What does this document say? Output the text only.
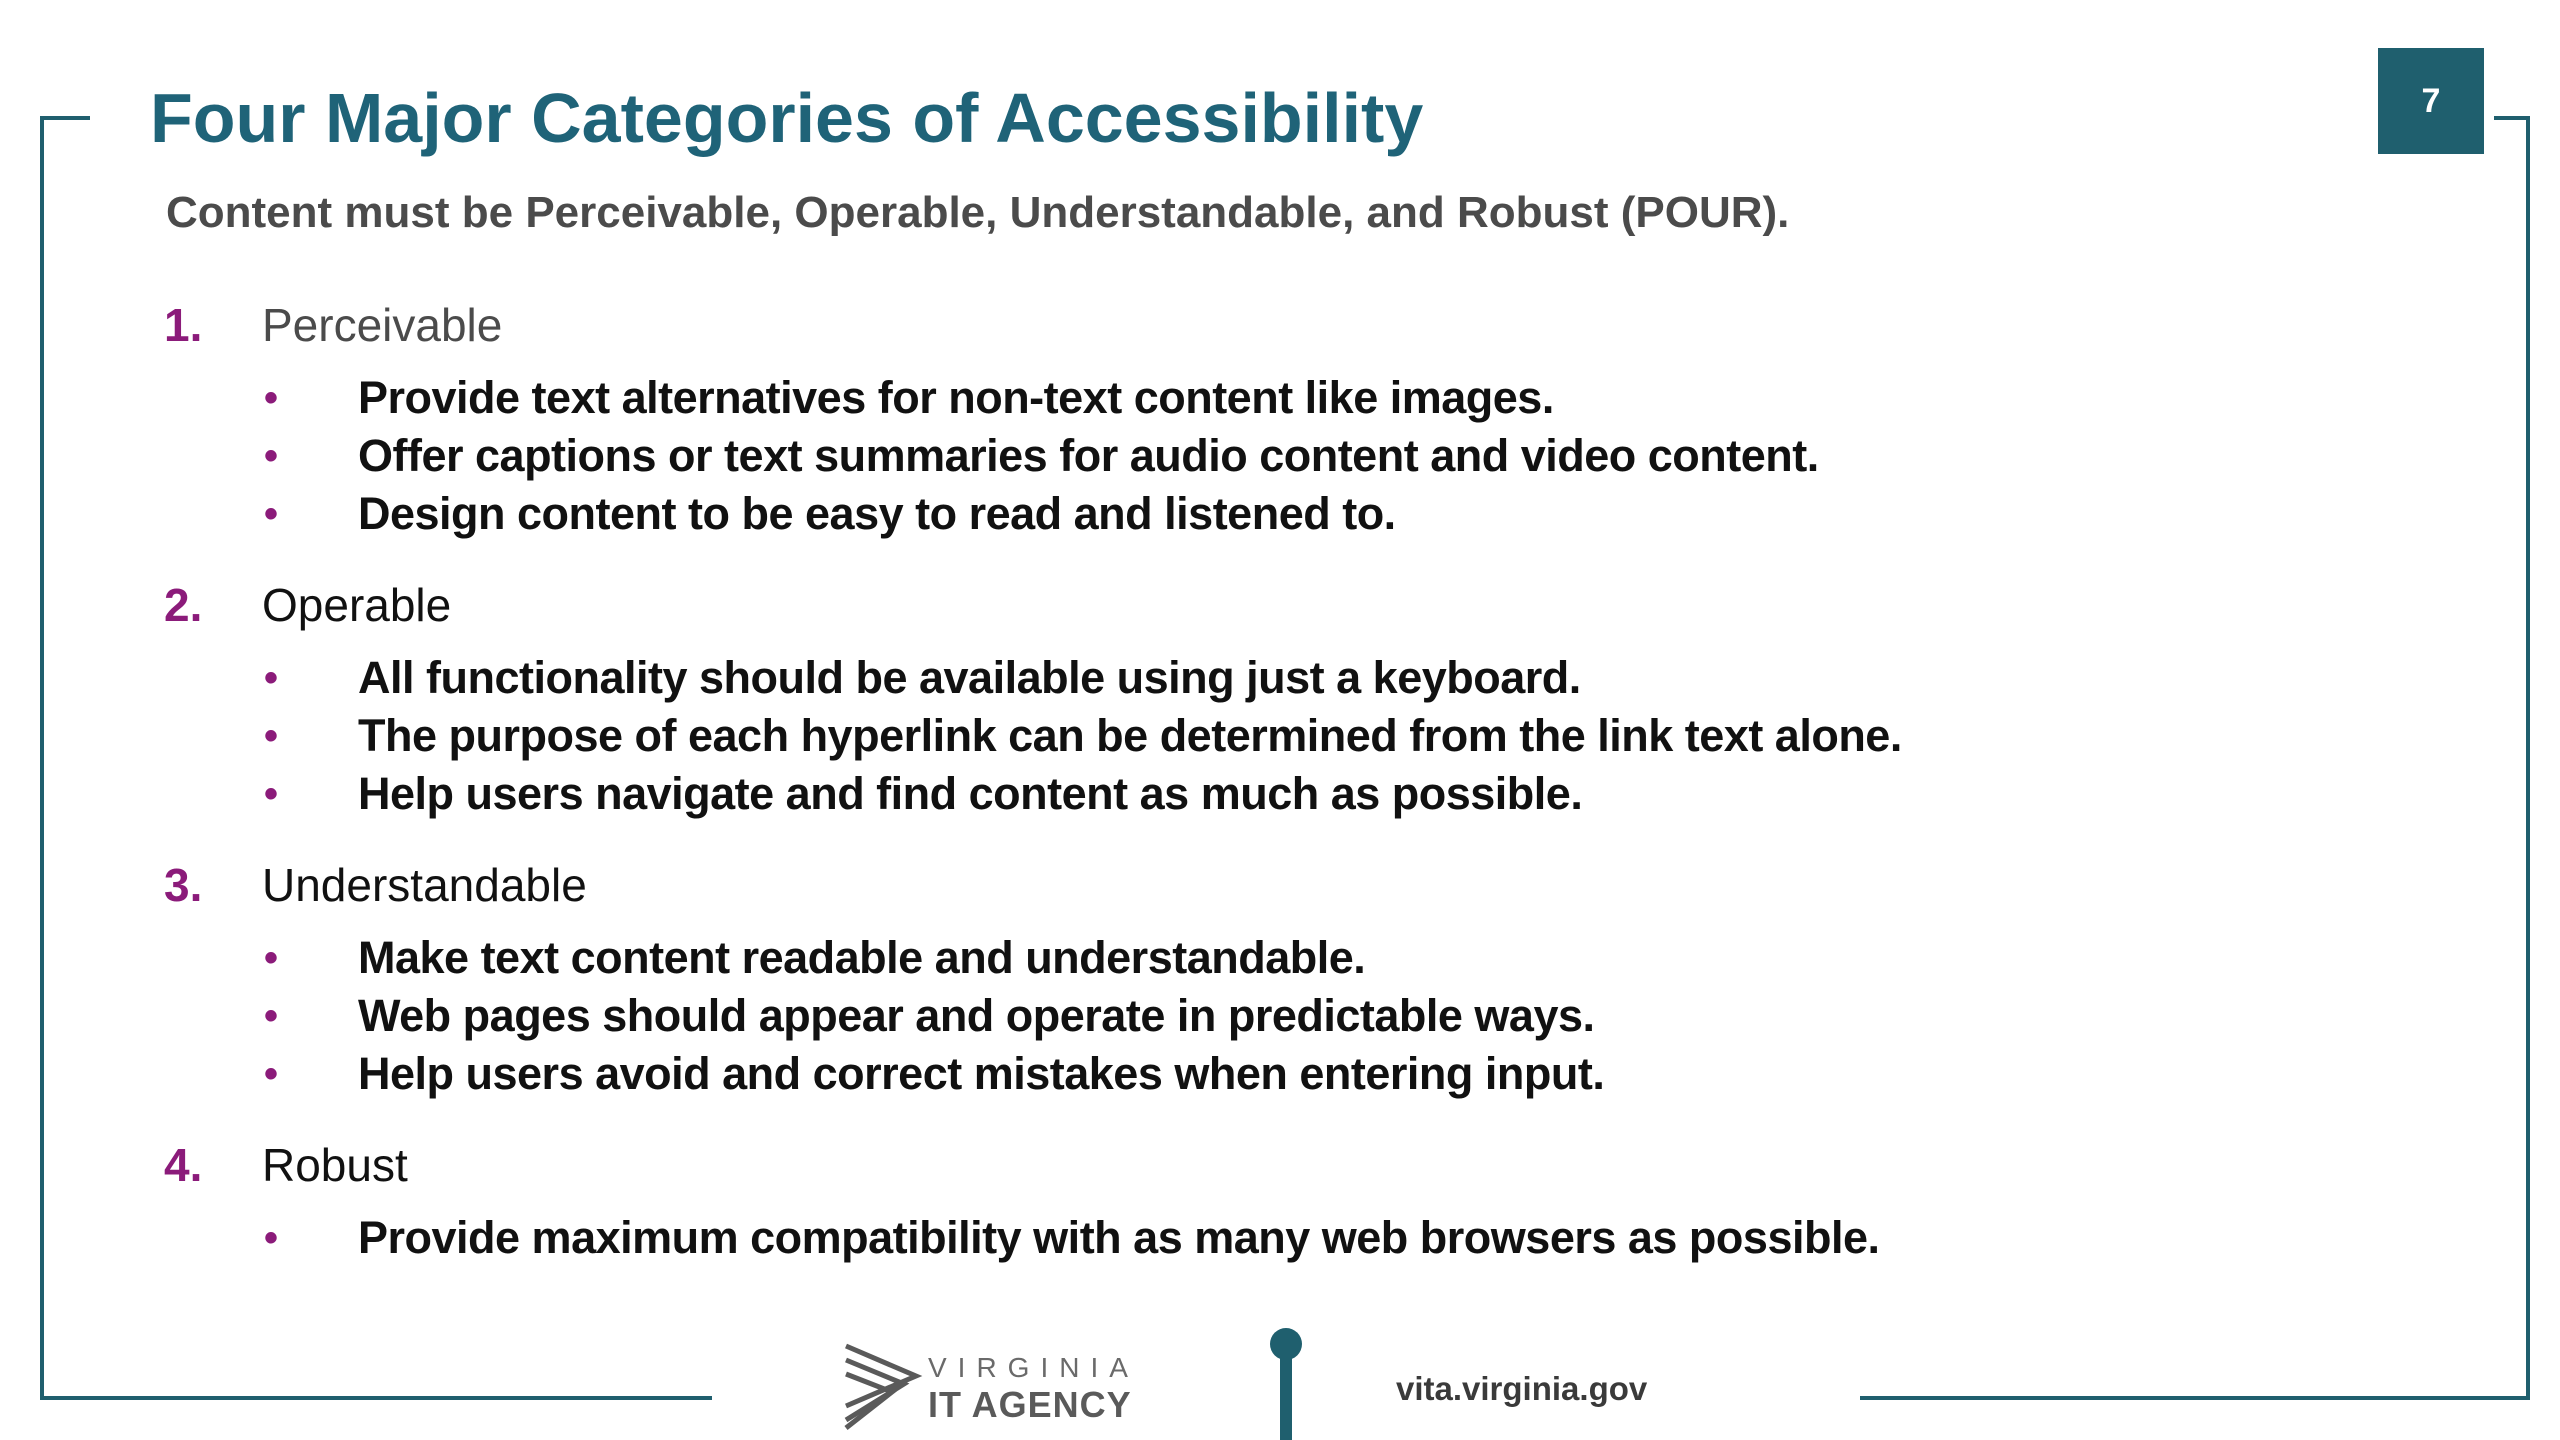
Four Major Categories of Accessibility
Content must be Perceivable, Operable, Understandable, and Robust (POUR).
7
1. Perceivable
• Provide text alternatives for non-text content like images.
• Offer captions or text summaries for audio content and video content.
• Design content to be easy to read and listened to.
2. Operable
• All functionality should be available using just a keyboard.
• The purpose of each hyperlink can be determined from the link text alone.
• Help users navigate and find content as much as possible.
3. Understandable
• Make text content readable and understandable.
• Web pages should appear and operate in predictable ways.
• Help users avoid and correct mistakes when entering input.
4. Robust
• Provide maximum compatibility with as many web browsers as possible.
VIRGINIA
IT AGENCY	vita.virginia.gov
